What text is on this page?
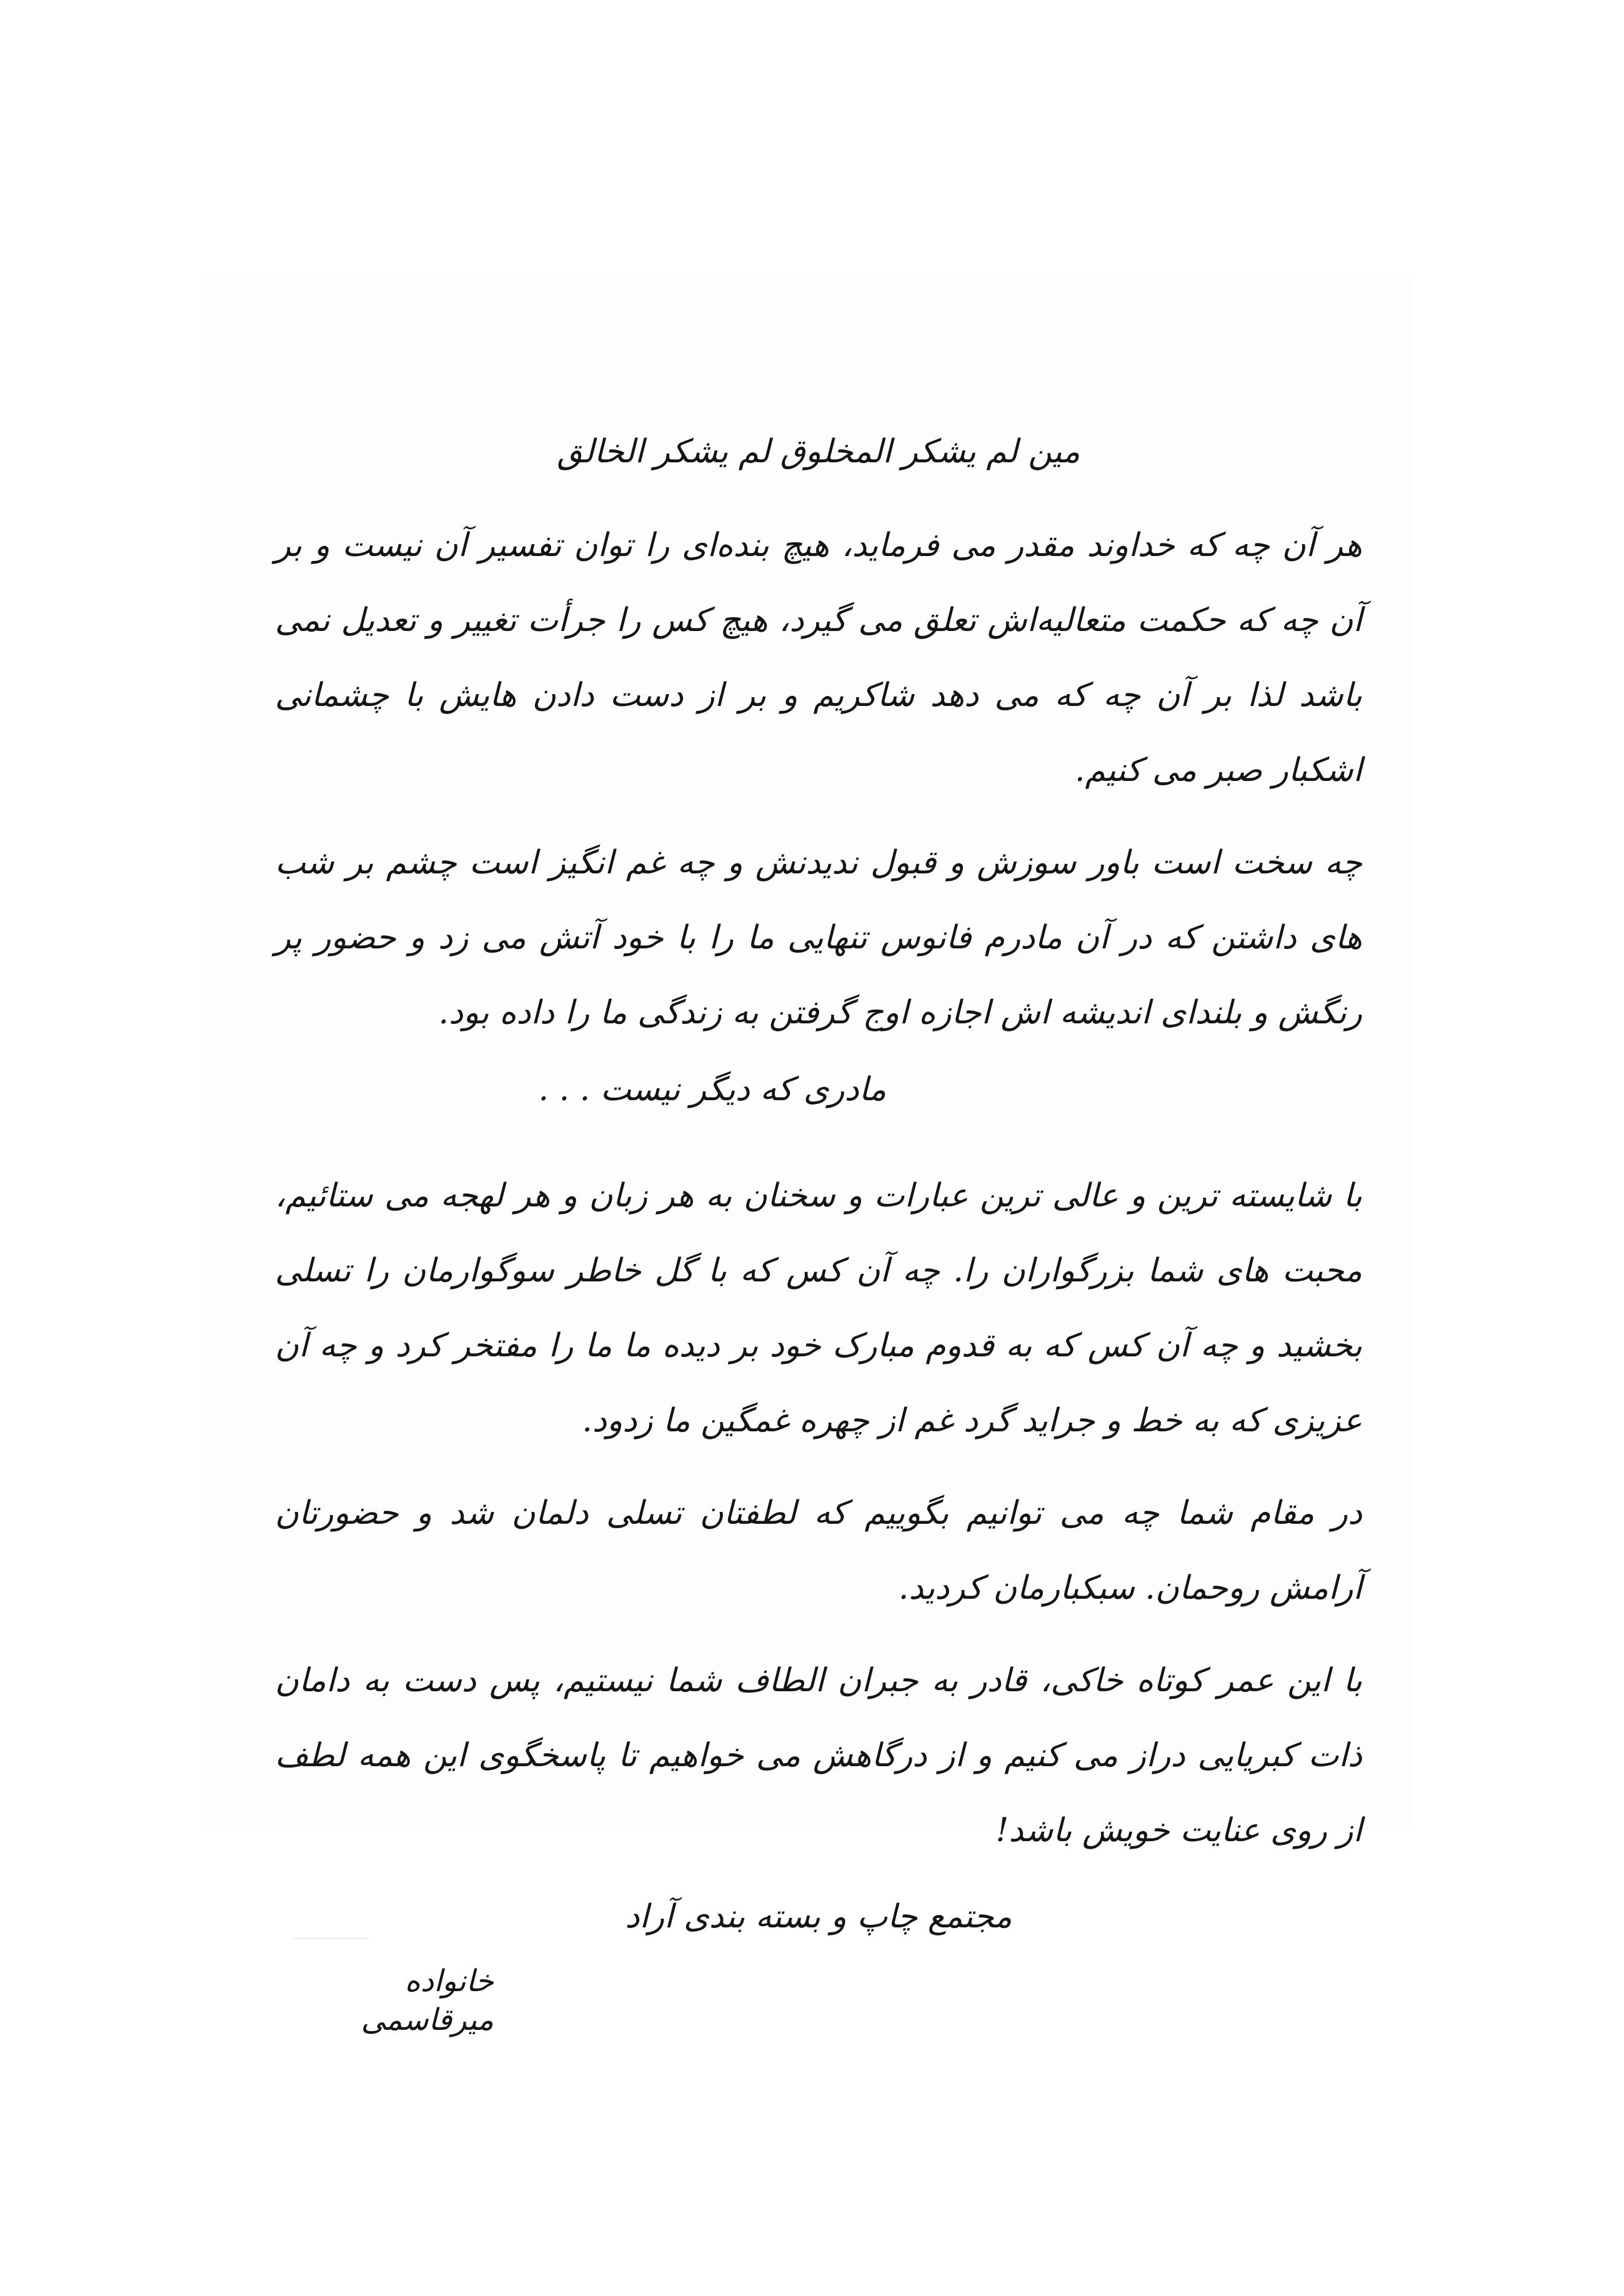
مین لم یشکر المخلوق لم یشکر الخالق

هر آن چه که خداوند مقدر می فرماید، هیچ بنده‌ای را توان تفسیر آن نیست و بر آن چه که حکمت متعالیه‌اش تعلق می گیرد، هیچ کس را جرأت تغییر و تعدیل نمی باشد لذا بر آن چه که می دهد شاکریم و بر از دست دادن هایش با چشمانی اشکبار صبر می کنیم.

چه سخت است باور سوزش و قبول ندیدنش و چه غم انگیز است چشم بر شب های داشتن که در آن مادرم فانوس تنهایی ما را با خود آتش می زد و حضور پر رنگش و بلندای اندیشه اش اجازه اوج گرفتن به زندگی ما را داده بود.

مادری که دیگر نیست . . .

با شایسته ترین و عالی ترین عبارات و سخنان به هر زبان و هر لهجه می ستائیم، محبت های شما بزرگواران را. چه آن کس که با گل خاطر سوگوارمان را تسلی بخشید و چه آن کس که به قدوم مبارک خود بر دیده ما ما را مفتخر کرد و چه آن عزیزی که به خط و جراید گرد غم از چهره غمگین ما زدود.

در مقام شما چه می توانیم بگوییم که لطفتان تسلی دلمان شد و حضورتان آرامش روحمان. سبکبارمان کردید.

با این عمر کوتاه خاکی، قادر به جبران الطاف شما نیستیم، پس دست به دامان ذات کبریایی دراز می کنیم و از درگاهش می خواهیم تا پاسخگوی این همه لطف از روی عنایت خویش باشد!

مجتمع چاپ و بسته بندی آراد
خانواده میرقاسمی
